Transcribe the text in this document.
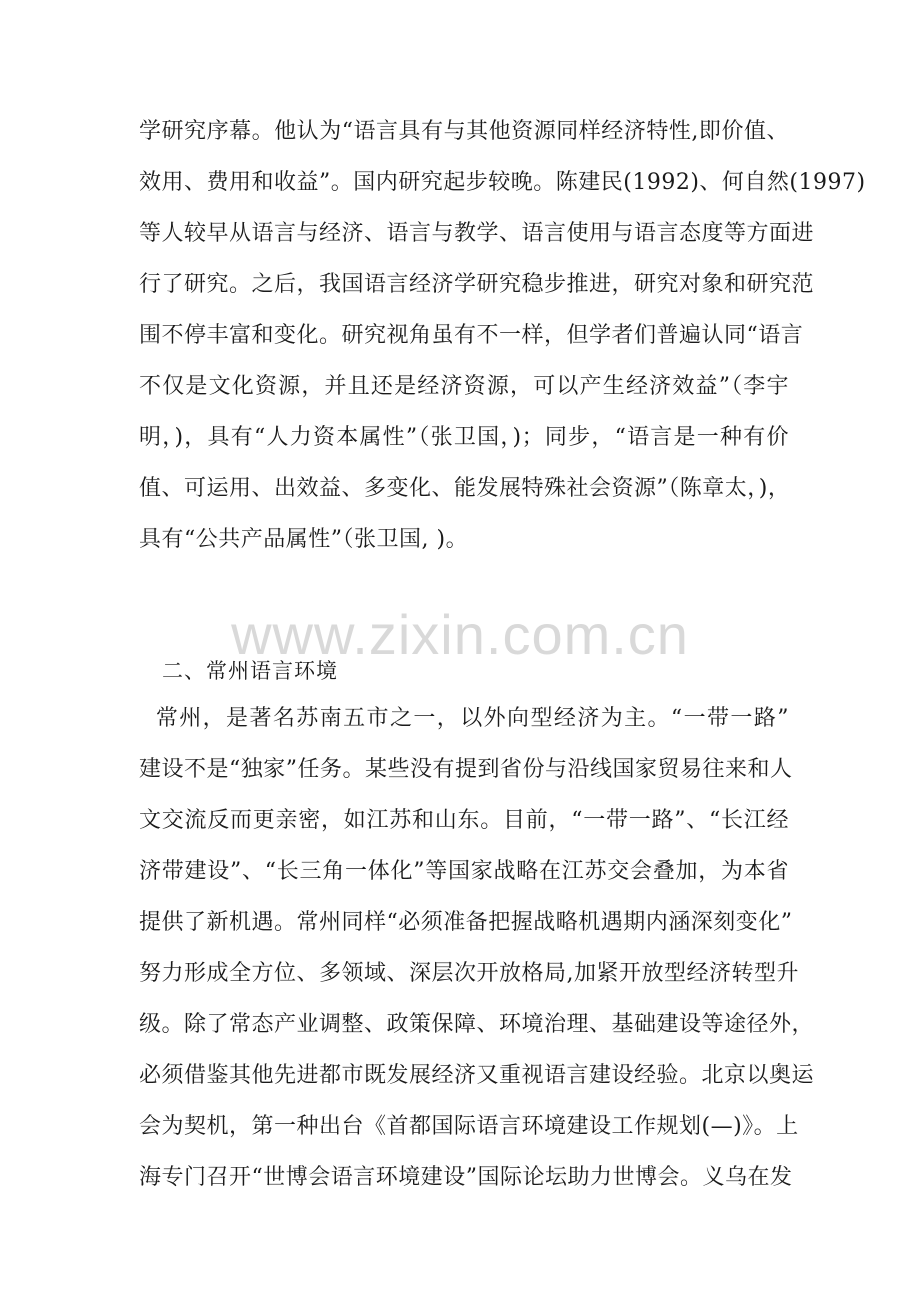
学研究序幕。他认为“语言具有与其他资源同样经济特性,即价值、
效用、费用和收益”。国内研究起步较晚。陈建民(1992)、何自然(1997)
等人较早从语言与经济、语言与教学、语言使用与语言态度等方面进
行了研究。之后，我国语言经济学研究稳步推进，研究对象和研究范
围不停丰富和变化。研究视角虽有不一样，但学者们普遍认同“语言
不仅是文化资源，并且还是经济资源，可以产生经济效益”（李宇
明，)，具有“人力资本属性”（张卫国，)；同步，“语言是一种有价
值、可运用、出效益、多变化、能发展特殊社会资源”（陈章太，)，
具有“公共产品属性”（张卫国, )。
www.zixin.com.cn
二、常州语言环境
常州，是著名苏南五市之一，以外向型经济为主。“一带一路”
建设不是“独家”任务。某些没有提到省份与沿线国家贸易往来和人
文交流反而更亲密，如江苏和山东。目前，“一带一路”、“长江经
济带建设”、“长三角一体化”等国家战略在江苏交会叠加，为本省
提供了新机遇。常州同样“必须准备把握战略机遇期内涵深刻变化”
努力形成全方位、多领域、深层次开放格局,加紧开放型经济转型升
级。除了常态产业调整、政策保障、环境治理、基础建设等途径外，
必须借鉴其他先进都市既发展经济又重视语言建设经验。北京以奥运
会为契机，第一种出台《首都国际语言环境建设工作规划(—)》。上
海专门召开“世博会语言环境建设”国际论坛助力世博会。义乌在发
